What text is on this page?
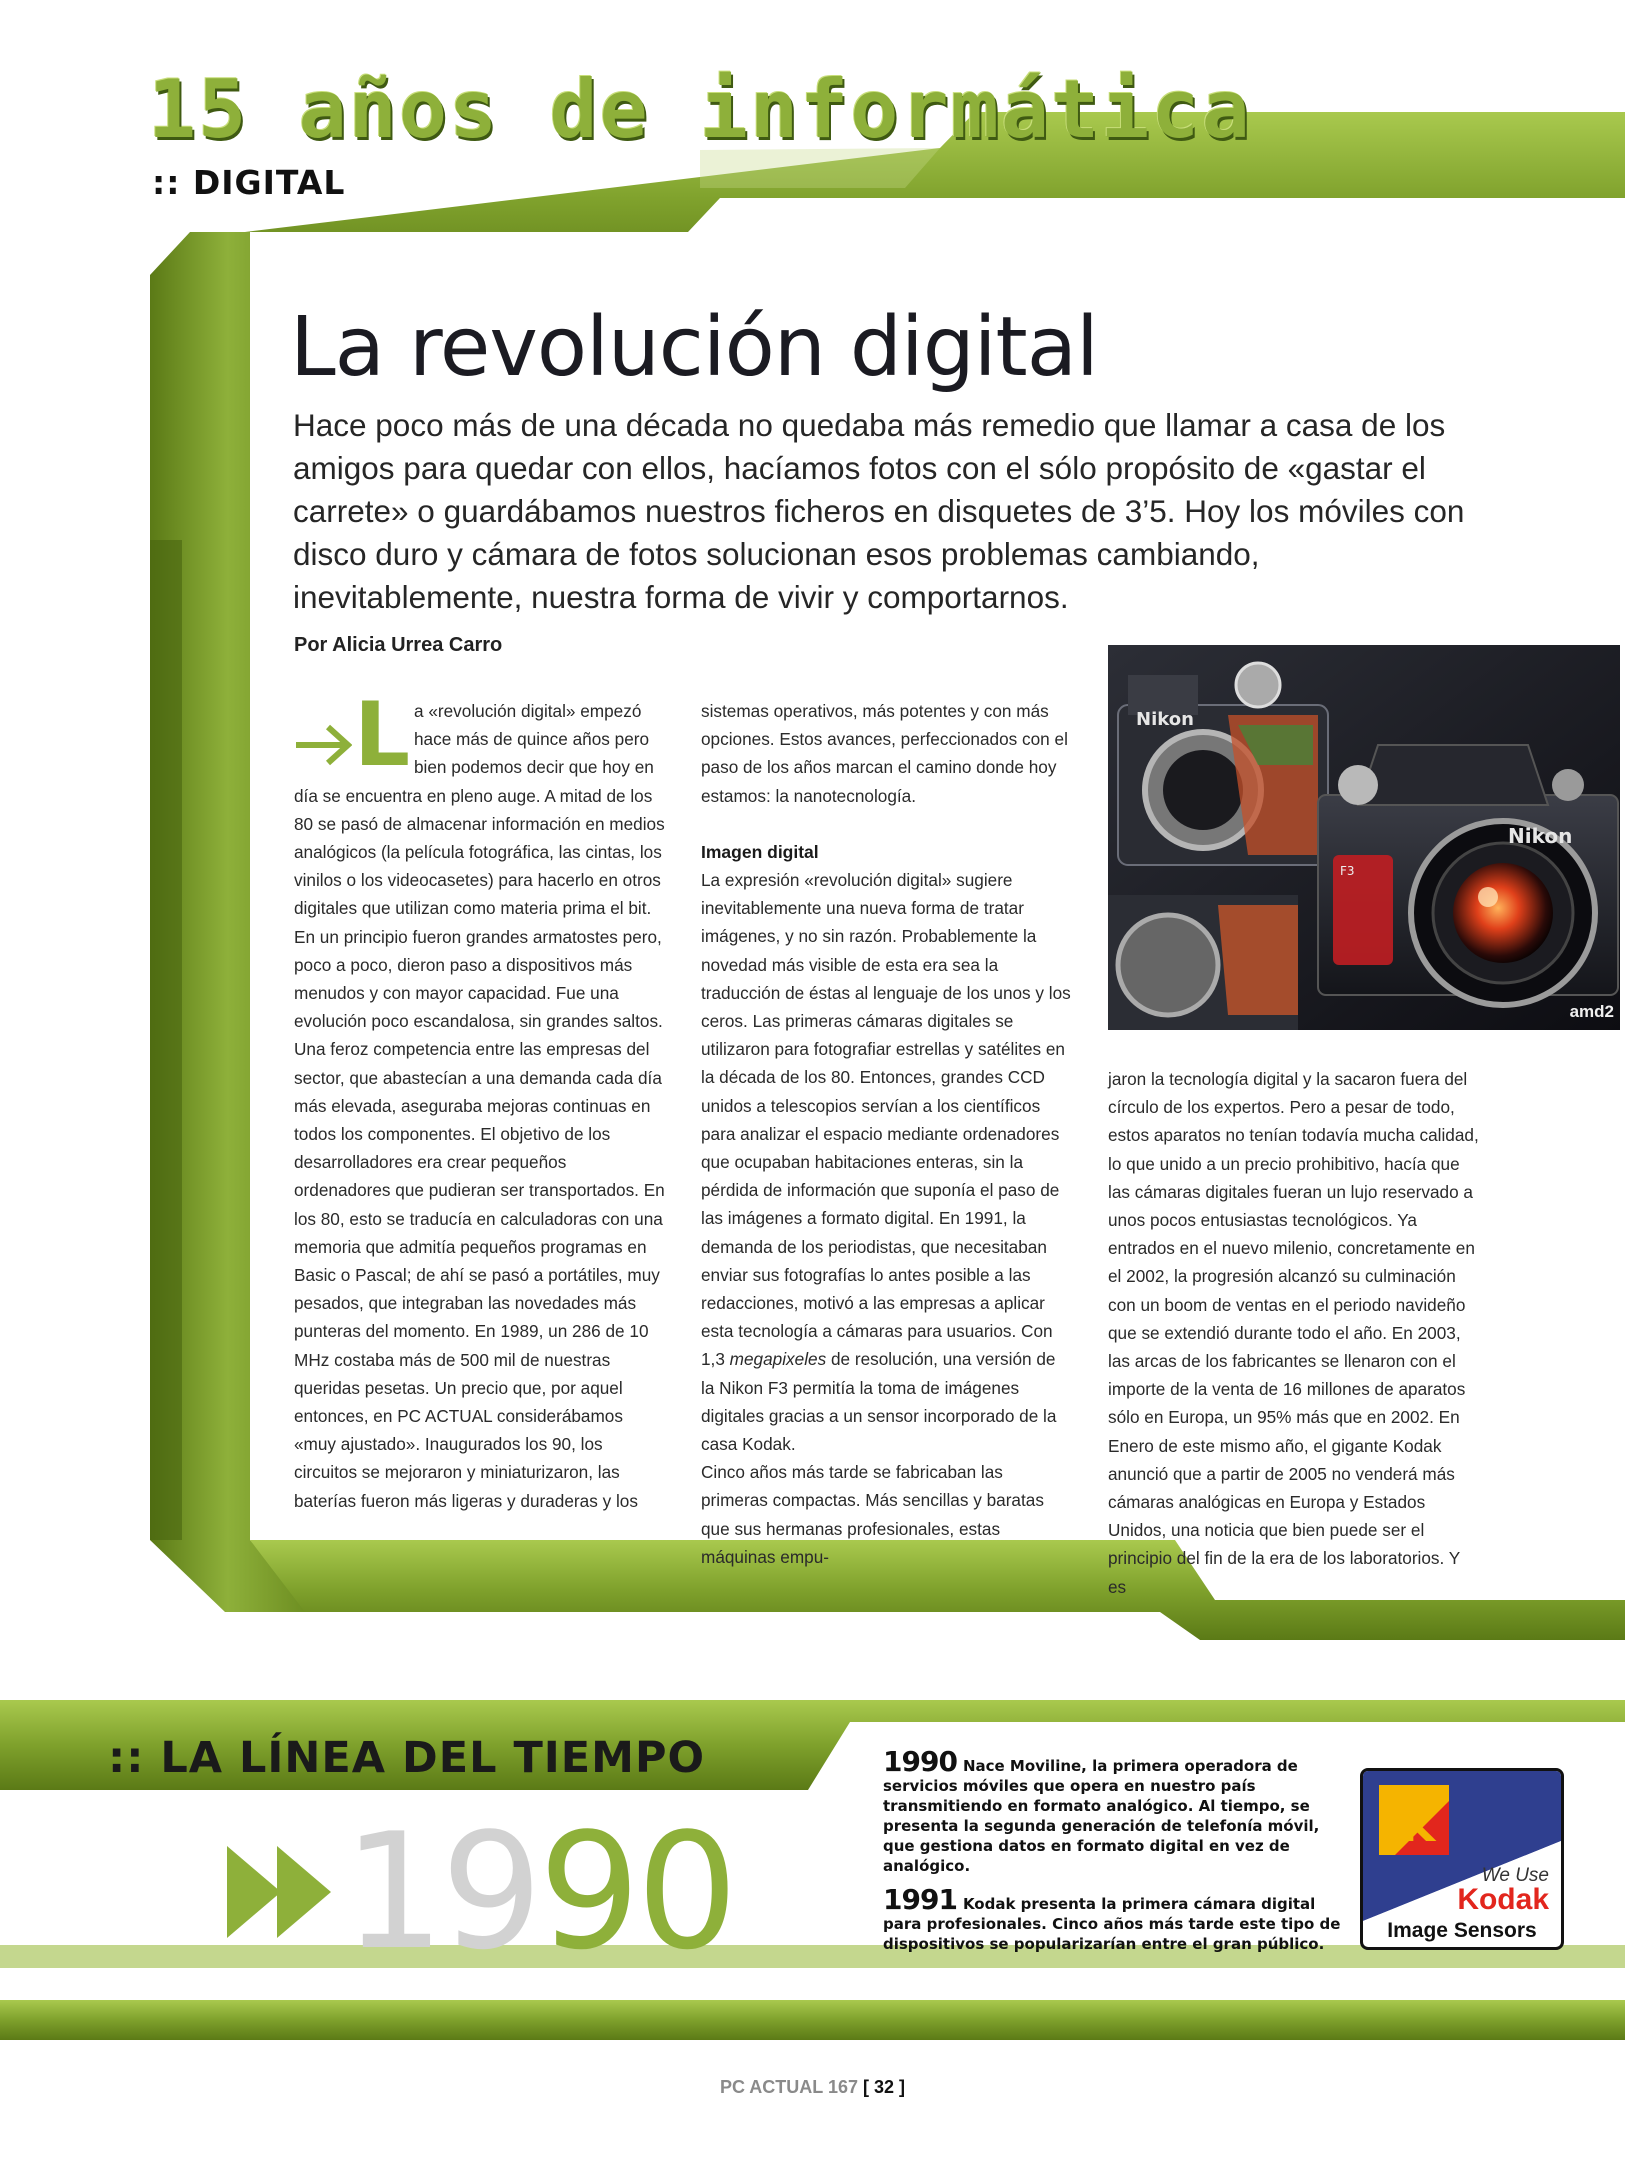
15 años de informática
:: DIGITAL
La revolución digital
Hace poco más de una década no quedaba más remedio que llamar a casa de los amigos para quedar con ellos, hacíamos fotos con el sólo propósito de «gastar el carrete» o guardábamos nuestros ficheros en disquetes de 3’5. Hoy los móviles con disco duro y cámara de fotos solucionan esos problemas cambiando, inevitablemente, nuestra forma de vivir y comportarnos.
Por Alicia Urrea Carro
L a «revolución digital» empezó hace más de quince años pero bien podemos decir que hoy en día se encuentra en pleno auge. A mitad de los 80 se pasó de almacenar información en medios analógicos (la película fotográfica, las cintas, los vinilos o los videocasetes) para hacerlo en otros digitales que utilizan como materia prima el bit. En un principio fueron grandes armatostes pero, poco a poco, dieron paso a dispositivos más menudos y con mayor capacidad. Fue una evolución poco escandalosa, sin grandes saltos. Una feroz competencia entre las empresas del sector, que abastecían a una demanda cada día más elevada, aseguraba mejoras continuas en todos los componentes. El objetivo de los desarrolladores era crear pequeños ordenadores que pudieran ser transportados. En los 80, esto se traducía en calculadoras con una memoria que admitía pequeños programas en Basic o Pascal; de ahí se pasó a portátiles, muy pesados, que integraban las novedades más punteras del momento. En 1989, un 286 de 10 MHz costaba más de 500 mil de nuestras queridas pesetas. Un precio que, por aquel entonces, en PC ACTUAL considerábamos «muy ajustado». Inaugurados los 90, los circuitos se mejoraron y miniaturizaron, las baterías fueron más ligeras y duraderas y los

sistemas operativos, más potentes y con más opciones. Estos avances, perfeccionados con el paso de los años marcan el camino donde hoy estamos: la nanotecnología.

Imagen digital

La expresión «revolución digital» sugiere inevitablemente una nueva forma de tratar imágenes, y no sin razón. Probablemente la novedad más visible de esta era sea la traducción de éstas al lenguaje de los unos y los ceros. Las primeras cámaras digitales se utilizaron para fotografiar estrellas y satélites en la década de los 80. Entonces, grandes CCD unidos a telescopios servían a los científicos para analizar el espacio mediante ordenadores que ocupaban habitaciones enteras, sin la pérdida de información que suponía el paso de las imágenes a formato digital. En 1991, la demanda de los periodistas, que necesitaban enviar sus fotografías lo antes posible a las redacciones, motivó a las empresas a aplicar esta tecnología a cámaras para usuarios. Con 1,3 megapixeles de resolución, una versión de la Nikon F3 permitía la toma de imágenes digitales gracias a un sensor incorporado de la casa Kodak.

Cinco años más tarde se fabricaban las primeras compactas. Más sencillas y baratas que sus hermanas profesionales, estas máquinas empu-

Nikon
Nikon
F3
amd2

jaron la tecnología digital y la sacaron fuera del círculo de los expertos. Pero a pesar de todo, estos aparatos no tenían todavía mucha calidad, lo que unido a un precio prohibitivo, hacía que las cámaras digitales fueran un lujo reservado a unos pocos entusiastas tecnológicos. Ya entrados en el nuevo milenio, concretamente en el 2002, la progresión alcanzó su culminación con un boom de ventas en el periodo navideño que se extendió durante todo el año. En 2003, las arcas de los fabricantes se llenaron con el importe de la venta de 16 millones de aparatos sólo en Europa, un 95% más que en 2002. En Enero de este mismo año, el gigante Kodak anunció que a partir de 2005 no venderá más cámaras analógicas en Europa y Estados Unidos, una noticia que bien puede ser el principio del fin de la era de los laboratorios. Y es

:: LA LÍNEA DEL TIEMPO
1990
1990 Nace Moviline, la primera operadora de servicios móviles que opera en nuestro país transmitiendo en formato analógico. Al tiempo, se presenta la segunda generación de telefonía móvil, que gestiona datos en formato digital en vez de analógico.
1991 Kodak presenta la primera cámara digital para profesionales. Cinco años más tarde este tipo de dispositivos se popularizarían entre el gran público.
K
We Use
Kodak
Image Sensors
PC ACTUAL 167 [ 32 ]
